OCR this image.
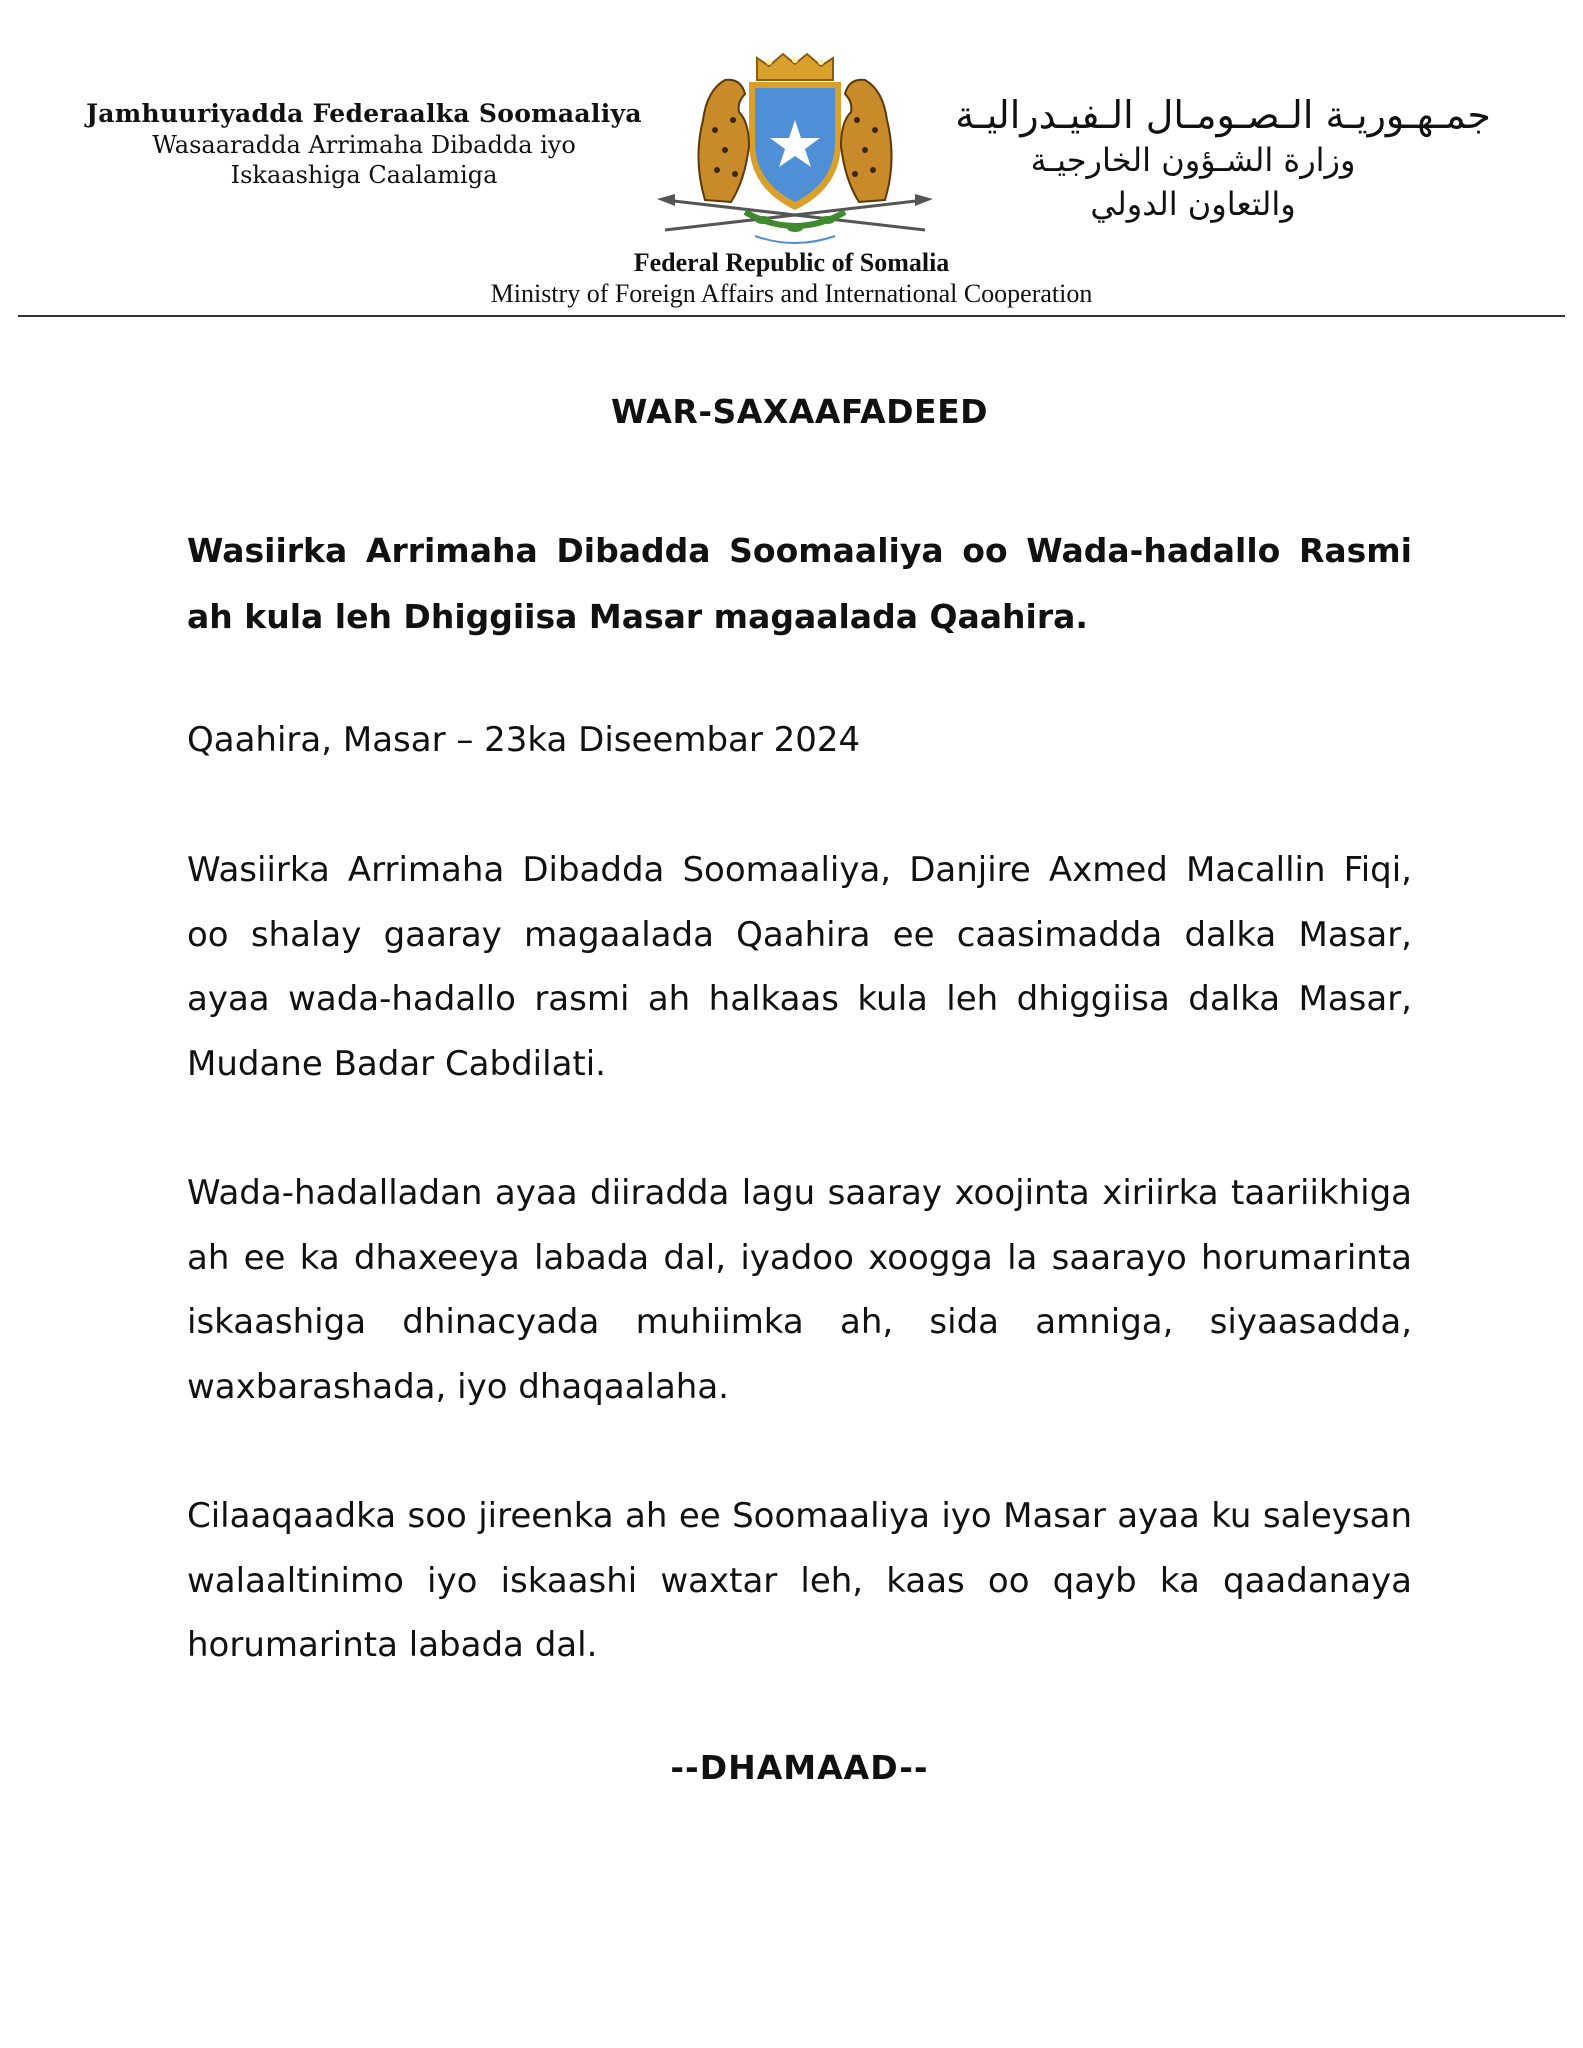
Jamhuuriyadda Federaalka Soomaaliya
Wasaaradda Arrimaha Dibadda iyo
Iskaashiga Caalamiga
جمـهـوريـة الـصـومـال الـفيـدراليـة
وزارة الشـؤون الخارجيـة
والتعاون الدولي
Federal Republic of Somalia
Ministry of Foreign Affairs and International Cooperation
WAR-SAXAAFADEED
Wasiirka Arrimaha Dibadda Soomaaliya oo Wada-hadallo Rasmi ah kula leh Dhiggiisa Masar magaalada Qaahira.
Qaahira, Masar – 23ka Diseembar 2024
Wasiirka Arrimaha Dibadda Soomaaliya, Danjire Axmed Macallin Fiqi, oo shalay gaaray magaalada Qaahira ee caasimadda dalka Masar, ayaa wada-hadallo rasmi ah halkaas kula leh dhiggiisa dalka Masar, Mudane Badar Cabdilati.
Wada-hadalladan ayaa diiradda lagu saaray xoojinta xiriirka taariikhiga ah ee ka dhaxeeya labada dal, iyadoo xoogga la saarayo horumarinta iskaashiga dhinacyada muhiimka ah, sida amniga, siyaasadda, waxbarashada, iyo dhaqaalaha.
Cilaaqaadka soo jireenka ah ee Soomaaliya iyo Masar ayaa ku saleysan walaaltinimo iyo iskaashi waxtar leh, kaas oo qayb ka qaadanaya horumarinta labada dal.
--DHAMAAD--
